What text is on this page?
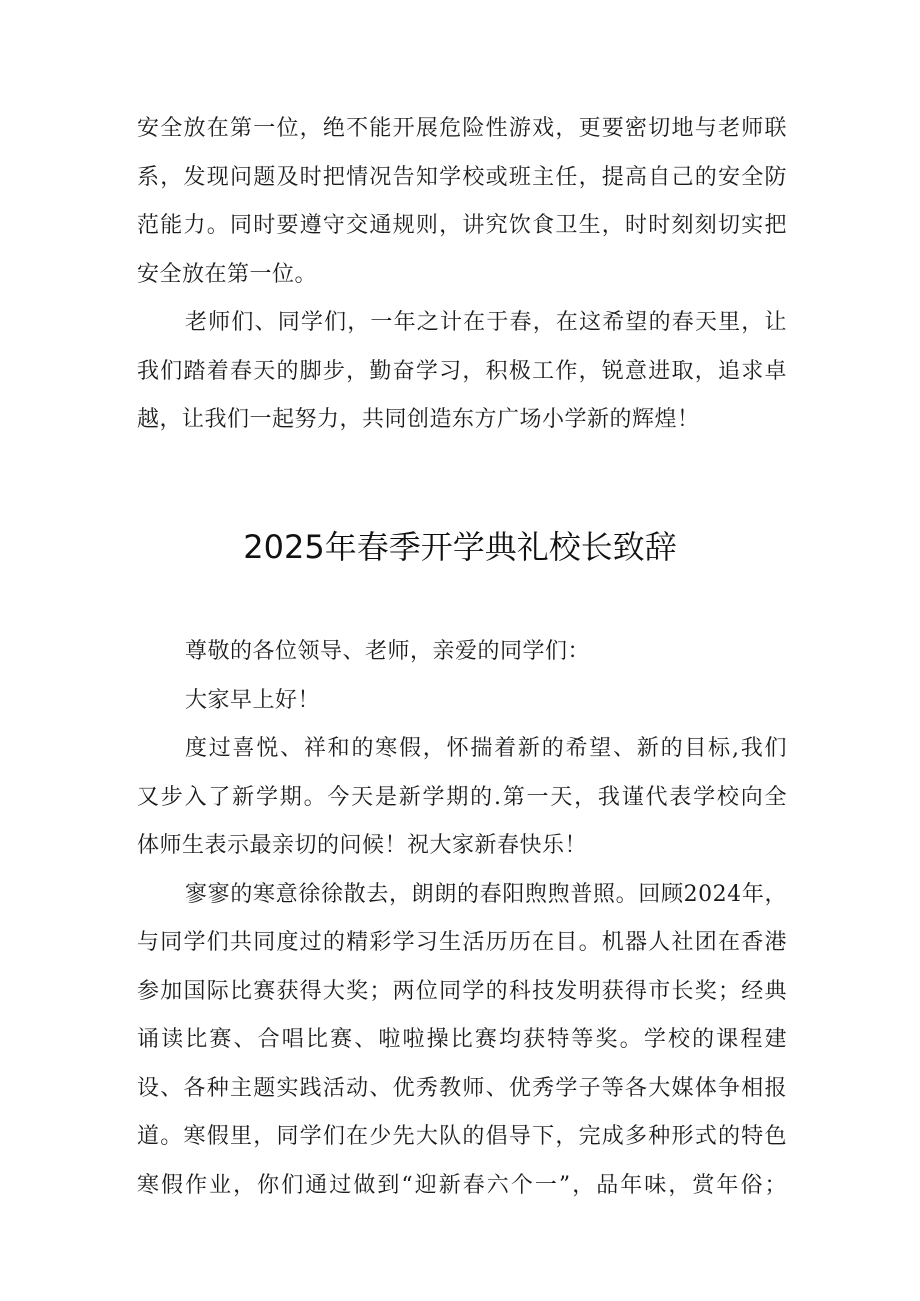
安全放在第一位，绝不能开展危险性游戏，更要密切地与老师联
系，发现问题及时把情况告知学校或班主任，提高自己的安全防
范能力。同时要遵守交通规则，讲究饮食卫生，时时刻刻切实把
安全放在第一位。
老师们、同学们，一年之计在于春，在这希望的春天里，让
我们踏着春天的脚步，勤奋学习，积极工作，锐意进取，追求卓
越，让我们一起努力，共同创造东方广场小学新的辉煌！
2025年春季开学典礼校长致辞
尊敬的各位领导、老师，亲爱的同学们：
大家早上好！
度过喜悦、祥和的寒假，怀揣着新的希望、新的目标,我们
又步入了新学期。今天是新学期的.第一天，我谨代表学校向全
体师生表示最亲切的问候！祝大家新春快乐！
寥寥的寒意徐徐散去，朗朗的春阳煦煦普照。回顾2024年，
与同学们共同度过的精彩学习生活历历在目。机器人社团在香港
参加国际比赛获得大奖；两位同学的科技发明获得市长奖；经典
诵读比赛、合唱比赛、啦啦操比赛均获特等奖。学校的课程建
设、各种主题实践活动、优秀教师、优秀学子等各大媒体争相报
道。寒假里，同学们在少先大队的倡导下，完成多种形式的特色
寒假作业，你们通过做到“迎新春六个一”，品年味，赏年俗；
